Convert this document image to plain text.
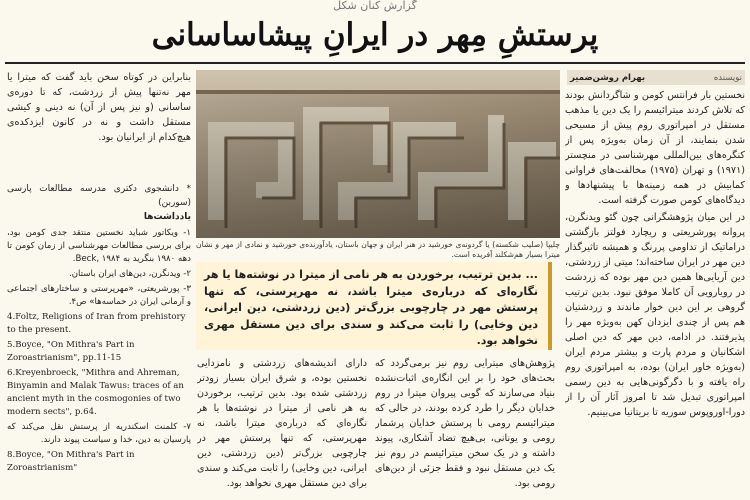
گزارش کنان شکل
پرستشِ مِهر در ایرانِ پیشاساسانی
نویسنده
بهرام روشن‌ضمیر

نخستین بار فرانتس کومن و شاگردانش بودند که تلاش کردند میترائیسم را یک دین یا مذهب مستقل در امپراتوری روم پیش از مسیحی شدن بنمایند، از آن زمان به‌ویژه پس از کنگره‌های بین‌المللی مهرشناسی در منچستر (۱۹۷۱) و تهران (۱۹۷۵) مخالفت‌های فراوانی کمابیش در همه زمینه‌ها با پیشنهادها و دیدگاه‌های کومن صورت گرفته است.

در این میان پژوهشگرانی چون گئو ویدنگرن، پروانه پورشریعتی و ریچارد فولتز بازگشتی دراماتیک از تداومی پررنگ و همیشه تاثیرگذار دین مهر در ایران ساخته‌اند؛ میتی از زردشتی، دین آریایی‌ها همین دین مهر بوده که زردشت در رویارویی آن کاملا موفق نبود. بدین ترتیب گروهی بر این دین خوار ماندند و زردشتیان هم پس از چندی ایزدان کهن به‌ویژه مهر را پذیرفتند. در ادامه، دین مهر که دین اصلی اشکانیان و مردم پارت و بیشتر مردم ایران (به‌ویژه خاور ایران) بوده، به امپراتوری روم راه یافته و با دگرگونی‌هایی به دین رسمی امپراتوری تبدیل شد تا امروز آثار آن را از دورا-اوروپوس سوریه تا بریتانیا می‌بینیم.

چلیپا (صلیب شکسته) یا گردونه‌ی خورشید در هنر ایران و جهان باستان، یادآورنده‌ی خورشید و نمادی از مهر و نشان میترا بسیار هم‌شکلند آفریده است.
... بدین ترتیب، برخوردن به هر نامی از میترا در نوشته‌ها یا هر نگاره‌ای که درباره‌ی میترا باشد، نه مهرپرستی، که تنها پرستش مهر در چارچوبی بزرگ‌تر (دین زردشتی، دین ایرانی، دین وخایی) را ثابت می‌کند و سندی برای دین مستقل مهری نخواهد بود.

پژوهش‌های میترایی روم نیز برمی‌گردد که بحث‌های خود را بر این انگاره‌ی اثبات‌نشده بنیاد می‌سازند که گویی پیروان میترا در روم خدایان دیگر را طرد کرده بودند، در حالی که میترائیسم رومی با پرستش خدایان پرشمار رومی و یونانی، بی‌هیچ تضاد آشکاری، پیوند داشته و در یک سخن میترائیسم در روم نیز یک دین مستقل نبود و فقط جزئی از دین‌های رومی بود.

دارای اندیشه‌های زردشتی و نامزدایی نخستین بوده، و شرق ایران بسیار زودتر زردشتی شده بود. بدین ترتیب، برخوردن به هر نامی از میترا در نوشته‌ها یا هر نگاره‌ای که درباره‌ی میترا باشد، نه مهرپرستی، که تنها پرستش مهر در چارچوبی بزرگ‌تر (دین زردشتی، دین ایرانی، دین وخایی) را ثابت می‌کند و سندی برای دین مستقل مهری نخواهد بود.

بنابراین در کوتاه سخن باید گفت که میترا یا مهر نه‌تنها پیش از زردشت، که تا دوره‌ی ساسانی (و نیز پس از آن) نه دینی و کیشی مستقل داشت و نه در کانون ایزدکده‌ی هیچ‌کدام از ایرانیان بود.

* دانشجوی دکتری مدرسه مطالعات پارسی (سوربن)
یادداشت‌ها

۱- ویکاتور شباید نخستین منتقد جدی کومن بود، برای بررسی مطالعات مهرشناسی از زمان کومن تا دهه ۱۹۸۰ بنگرید به Beck, ۱۹۸۴.

۲- ویدنگرن، دین‌های ایران باستان.

۳- پورشریعتی، «مهرپرستی و ساختارهای اجتماعی و آرمانی ایران در حماسه‌ها» ص۴.

4.Foltz, Religions of Iran from prehistory to the present.

5.Boyce, "On Mithra's Part in Zoroastrianism", pp.11-15

6.Kreyenbroeck, "Mithra and Ahreman, Binyamin and Malak Tawus: traces of an ancient myth in the cosmogonies of two modern sects", p.64.

۷- کلمنت اسکندریه از پرستش نقل می‌کند که پارسیان به دین، خدا و سیاست پیوند دارند.

8.Boyce, "On Mithra's Part in Zoroastrianism"
